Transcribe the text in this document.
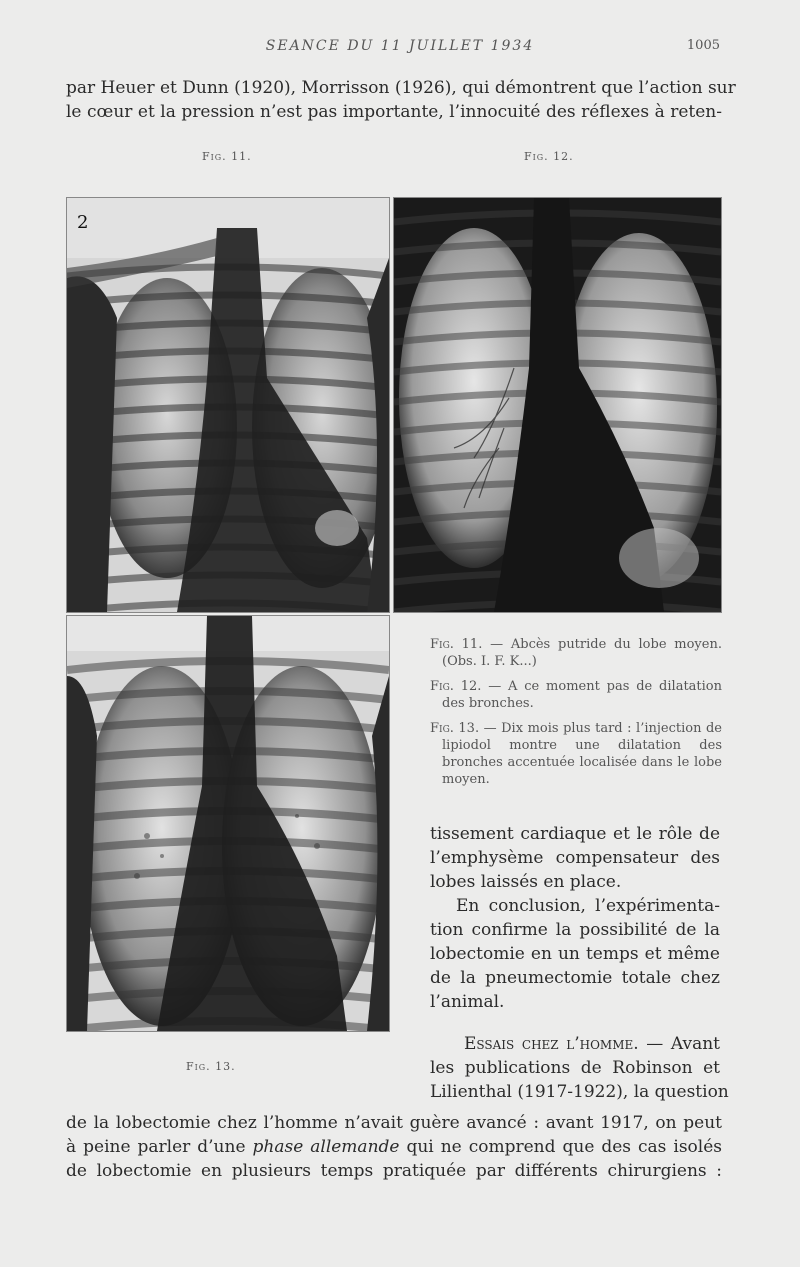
SEANCE DU 11 JUILLET 1934	1005
par Heuer et Dunn (1920), Morrisson (1926), qui démontrent que l’action sur
le cœur et la pression n’est pas importante, l’innocuité des réflexes à reten-
Fig. 11.	Fig. 12.
2

Fig. 11. — Abcès putride du lobe moyen. (Obs. I. F. K...)

Fig. 12. — A ce moment pas de dilatation des bronches.

Fig. 13. — Dix mois plus tard : l’injection de lipiodol montre une dilatation des bronches accentuée localisée dans le lobe moyen.

tissement cardiaque et le rôle de
l’emphysème compensateur des
lobes laissés en place.
En conclusion, l’expérimenta-
tion confirme la possibilité de la
lobectomie en un temps et même
de la pneumectomie totale chez
l’animal.
Essais chez l’homme. — Avant
les publications de Robinson et
Lilienthal (1917-1922), la question
Fig. 13.
de la lobectomie chez l’homme n’avait guère avancé : avant 1917, on peut
à peine parler d’une phase allemande qui ne comprend que des cas isolés
de lobectomie en plusieurs temps pratiquée par différents chirurgiens :
